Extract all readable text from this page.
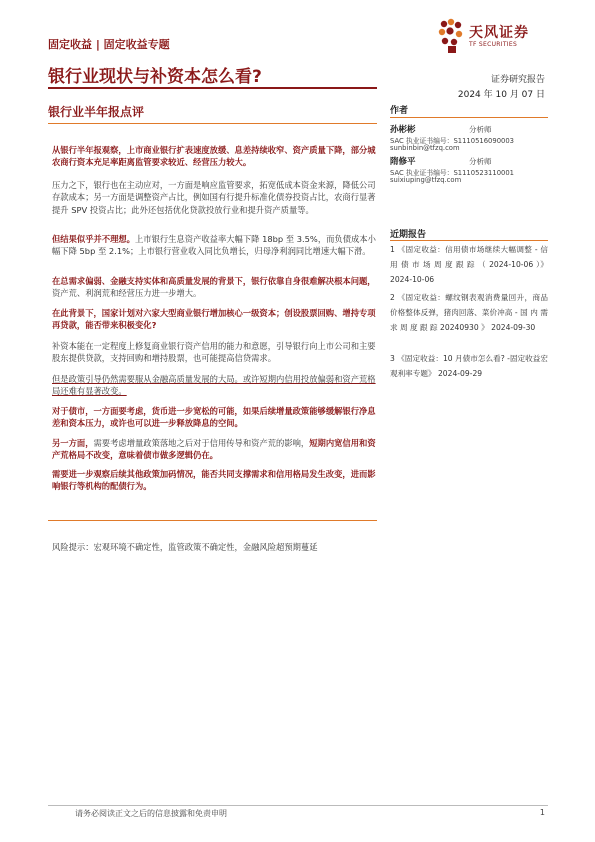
固定收益 | 固定收益专题
天风证券
TF SECURITIES
银行业现状与补资本怎么看?	证券研究报告
2024 年 10 月 07 日
银行业半年报点评
从银行半年报观察，上市商业银行扩表速度放缓、息差持续收窄、资产质量下降，部分城农商行资本充足率距离监管要求较近、经营压力较大。
压力之下，银行也在主动应对，一方面是响应监管要求，拓宽低成本资金来源，降低公司存款成本；另一方面是调整资产占比，例如国有行提升标准化债券投资占比，农商行显著提升 SPV 投资占比；此外还包括优化贷款投放行业和提升资产质量等。
但结果似乎并不理想。上市银行生息资产收益率大幅下降 18bp 至 3.5%，而负债成本小幅下降 5bp 至 2.1%；上市银行营业收入同比负增长，归母净利润同比增速大幅下滑。
在总需求偏弱、金融支持实体和高质量发展的背景下，银行依靠自身很难解决根本问题，资产荒、利润荒和经营压力进一步增大。
在此背景下，国家计划对六家大型商业银行增加核心一级资本；创设股票回购、增持专项再贷款，能否带来积极变化?
补资本能在一定程度上修复商业银行资产信用的能力和意愿，引导银行向上市公司和主要股东提供贷款，支持回购和增持股票，也可能提高信贷需求。
但是政策引导仍然需要服从金融高质量发展的大局。或许短期内信用投放偏弱和资产荒格局还难有显著改变。
对于债市，一方面要考虑，货币进一步宽松的可能，如果后续增量政策能够缓解银行净息差和资本压力，或许也可以进一步释放降息的空间。
另一方面，需要考虑增量政策落地之后对于信用传导和资产荒的影响，短期内宽信用和资产荒格局不改变，意味着债市做多逻辑仍在。
需要进一步观察后续其他政策加码情况，能否共同支撑需求和信用格局发生改变，进而影响银行等机构的配债行为。
风险提示：宏观环境不确定性，监管政策不确定性，金融风险超预期蔓延
作者
孙彬彬	分析师
SAC 执业证书编号：S1110516090003
sunbinbin@tfzq.com
隋修平	分析师
SAC 执业证书编号：S1110523110001
suixiuping@tfzq.com
近期报告
1 《固定收益：信用债市场继续大幅调整 - 信 用 债 市 场 周 度 跟 踪 （ 2024-10-06 ）》 2024-10-06
2 《固定收益：螺纹钢表观消费量回升，商品价格整体反弹，猪肉回落、菜价冲高 - 国 内 需 求 周 度 跟 踪 20240930 》 2024-09-30
3 《固定收益：10 月债市怎么看? -固定收益宏观利率专题》 2024-09-29
请务必阅读正文之后的信息披露和免责申明	1
